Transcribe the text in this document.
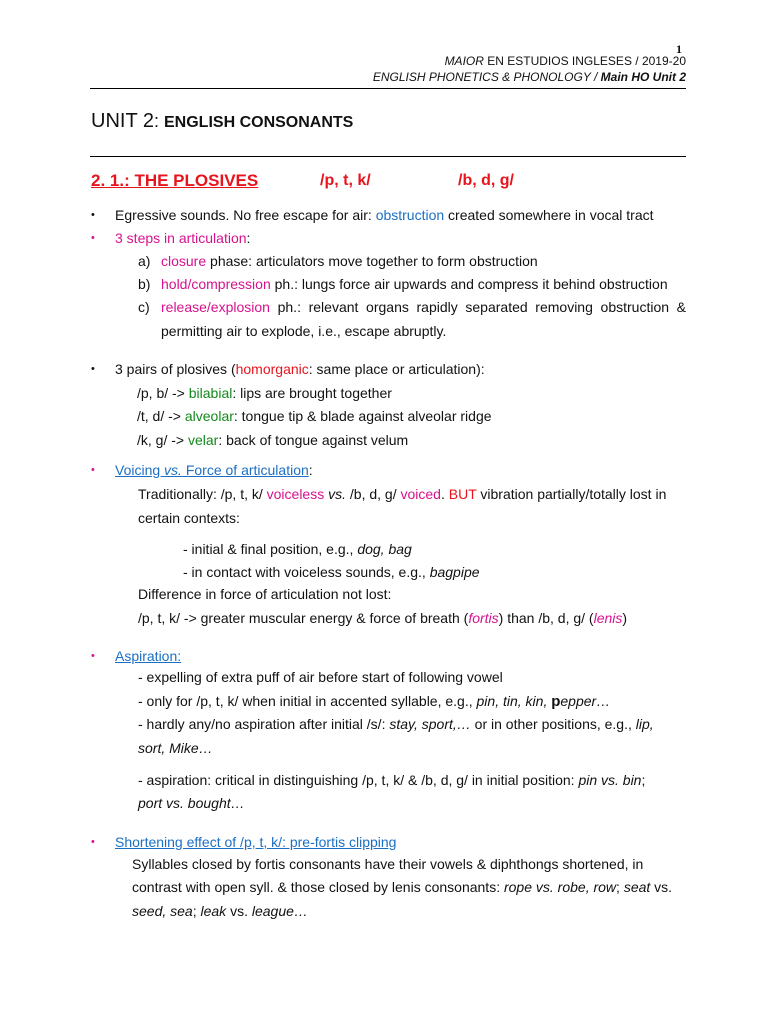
1
MAIOR EN ESTUDIOS INGLESES / 2019-20
ENGLISH PHONETICS & PHONOLOGY / Main HO Unit 2
UNIT 2: ENGLISH CONSONANTS
2. 1.: THE PLOSIVES	/p, t, k/	/b, d, g/
• Egressive sounds. No free escape for air: obstruction created somewhere in vocal tract
• 3 steps in articulation:
a) closure phase: articulators move together to form obstruction
b) hold/compression ph.: lungs force air upwards and compress it behind obstruction
c) release/explosion ph.: relevant organs rapidly separated removing obstruction &
permitting air to explode, i.e., escape abruptly.
• 3 pairs of plosives (homorganic: same place or articulation):
/p, b/ -> bilabial: lips are brought together
/t, d/ -> alveolar: tongue tip & blade against alveolar ridge
/k, g/ -> velar: back of tongue against velum
• Voicing vs. Force of articulation:
Traditionally: /p, t, k/ voiceless vs. /b, d, g/ voiced. BUT vibration partially/totally lost in
certain contexts:
- initial & final position, e.g., dog, bag
- in contact with voiceless sounds, e.g., bagpipe
Difference in force of articulation not lost:
/p, t, k/ -> greater muscular energy & force of breath (fortis) than /b, d, g/ (lenis)
• Aspiration:
- expelling of extra puff of air before start of following vowel
- only for /p, t, k/ when initial in accented syllable, e.g., pin, tin, kin, pepper…
- hardly any/no aspiration after initial /s/: stay, sport,… or in other positions, e.g., lip,
sort, Mike…
- aspiration: critical in distinguishing /p, t, k/ & /b, d, g/ in initial position: pin vs. bin;
port vs. bought…
• Shortening effect of /p, t, k/: pre-fortis clipping
Syllables closed by fortis consonants have their vowels & diphthongs shortened, in
contrast with open syll. & those closed by lenis consonants: rope vs. robe, row; seat vs.
seed, sea; leak vs. league…
